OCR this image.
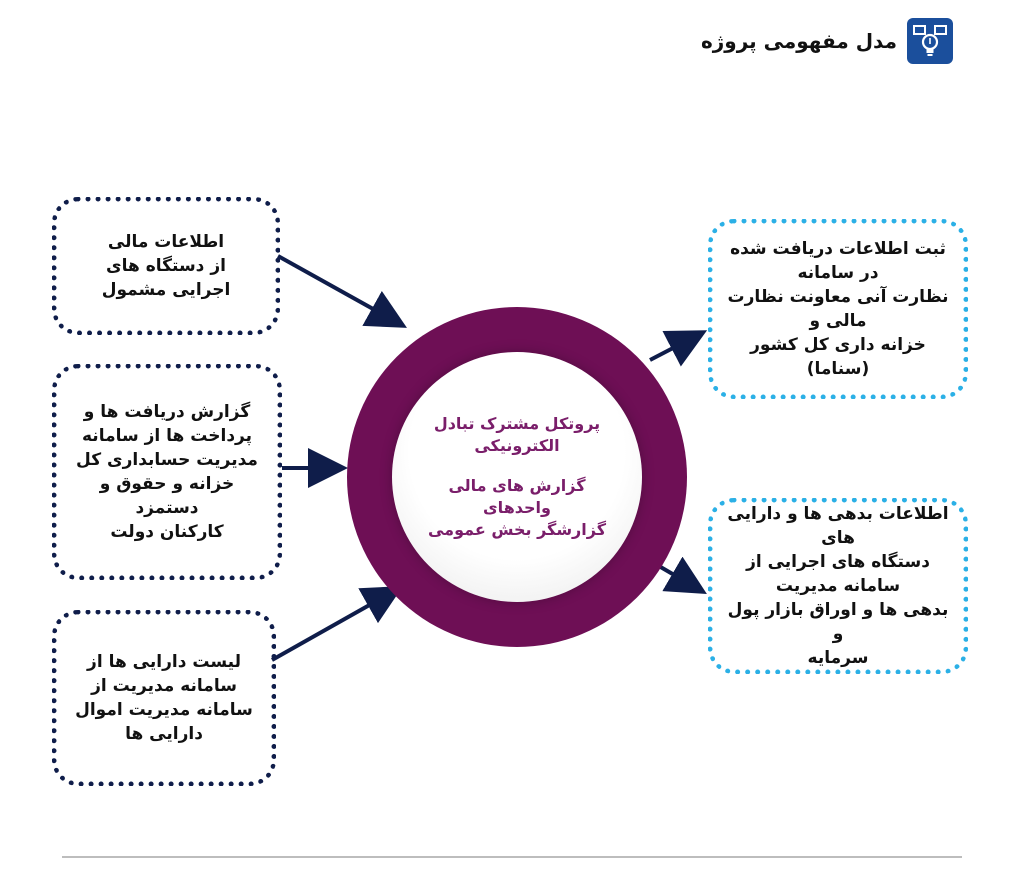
مدل مفهومی پروژه
اطلاعات مالی
از دستگاه های
اجرایی مشمول
گزارش دریافت ها و
پرداخت ها از سامانه
مدیریت حسابداری کل
خزانه و حقوق و دستمزد
کارکنان دولت
لیست دارایی ها از
سامانه مدیریت از
سامانه مدیریت اموال
دارایی ها
پروتکل مشترک تبادل
الکترونیکی
گزارش های مالی
واحدهای
گزارشگر بخش عمومی
ثبت اطلاعات دریافت شده
در سامانه
نظارت آنی معاونت نظارت
مالی و
خزانه داری کل کشور
(سناما)
اطلاعات بدهی ها و دارایی
های
دستگاه های اجرایی از
سامانه مدیریت
بدهی ها و اوراق بازار پول و
سرمایه
